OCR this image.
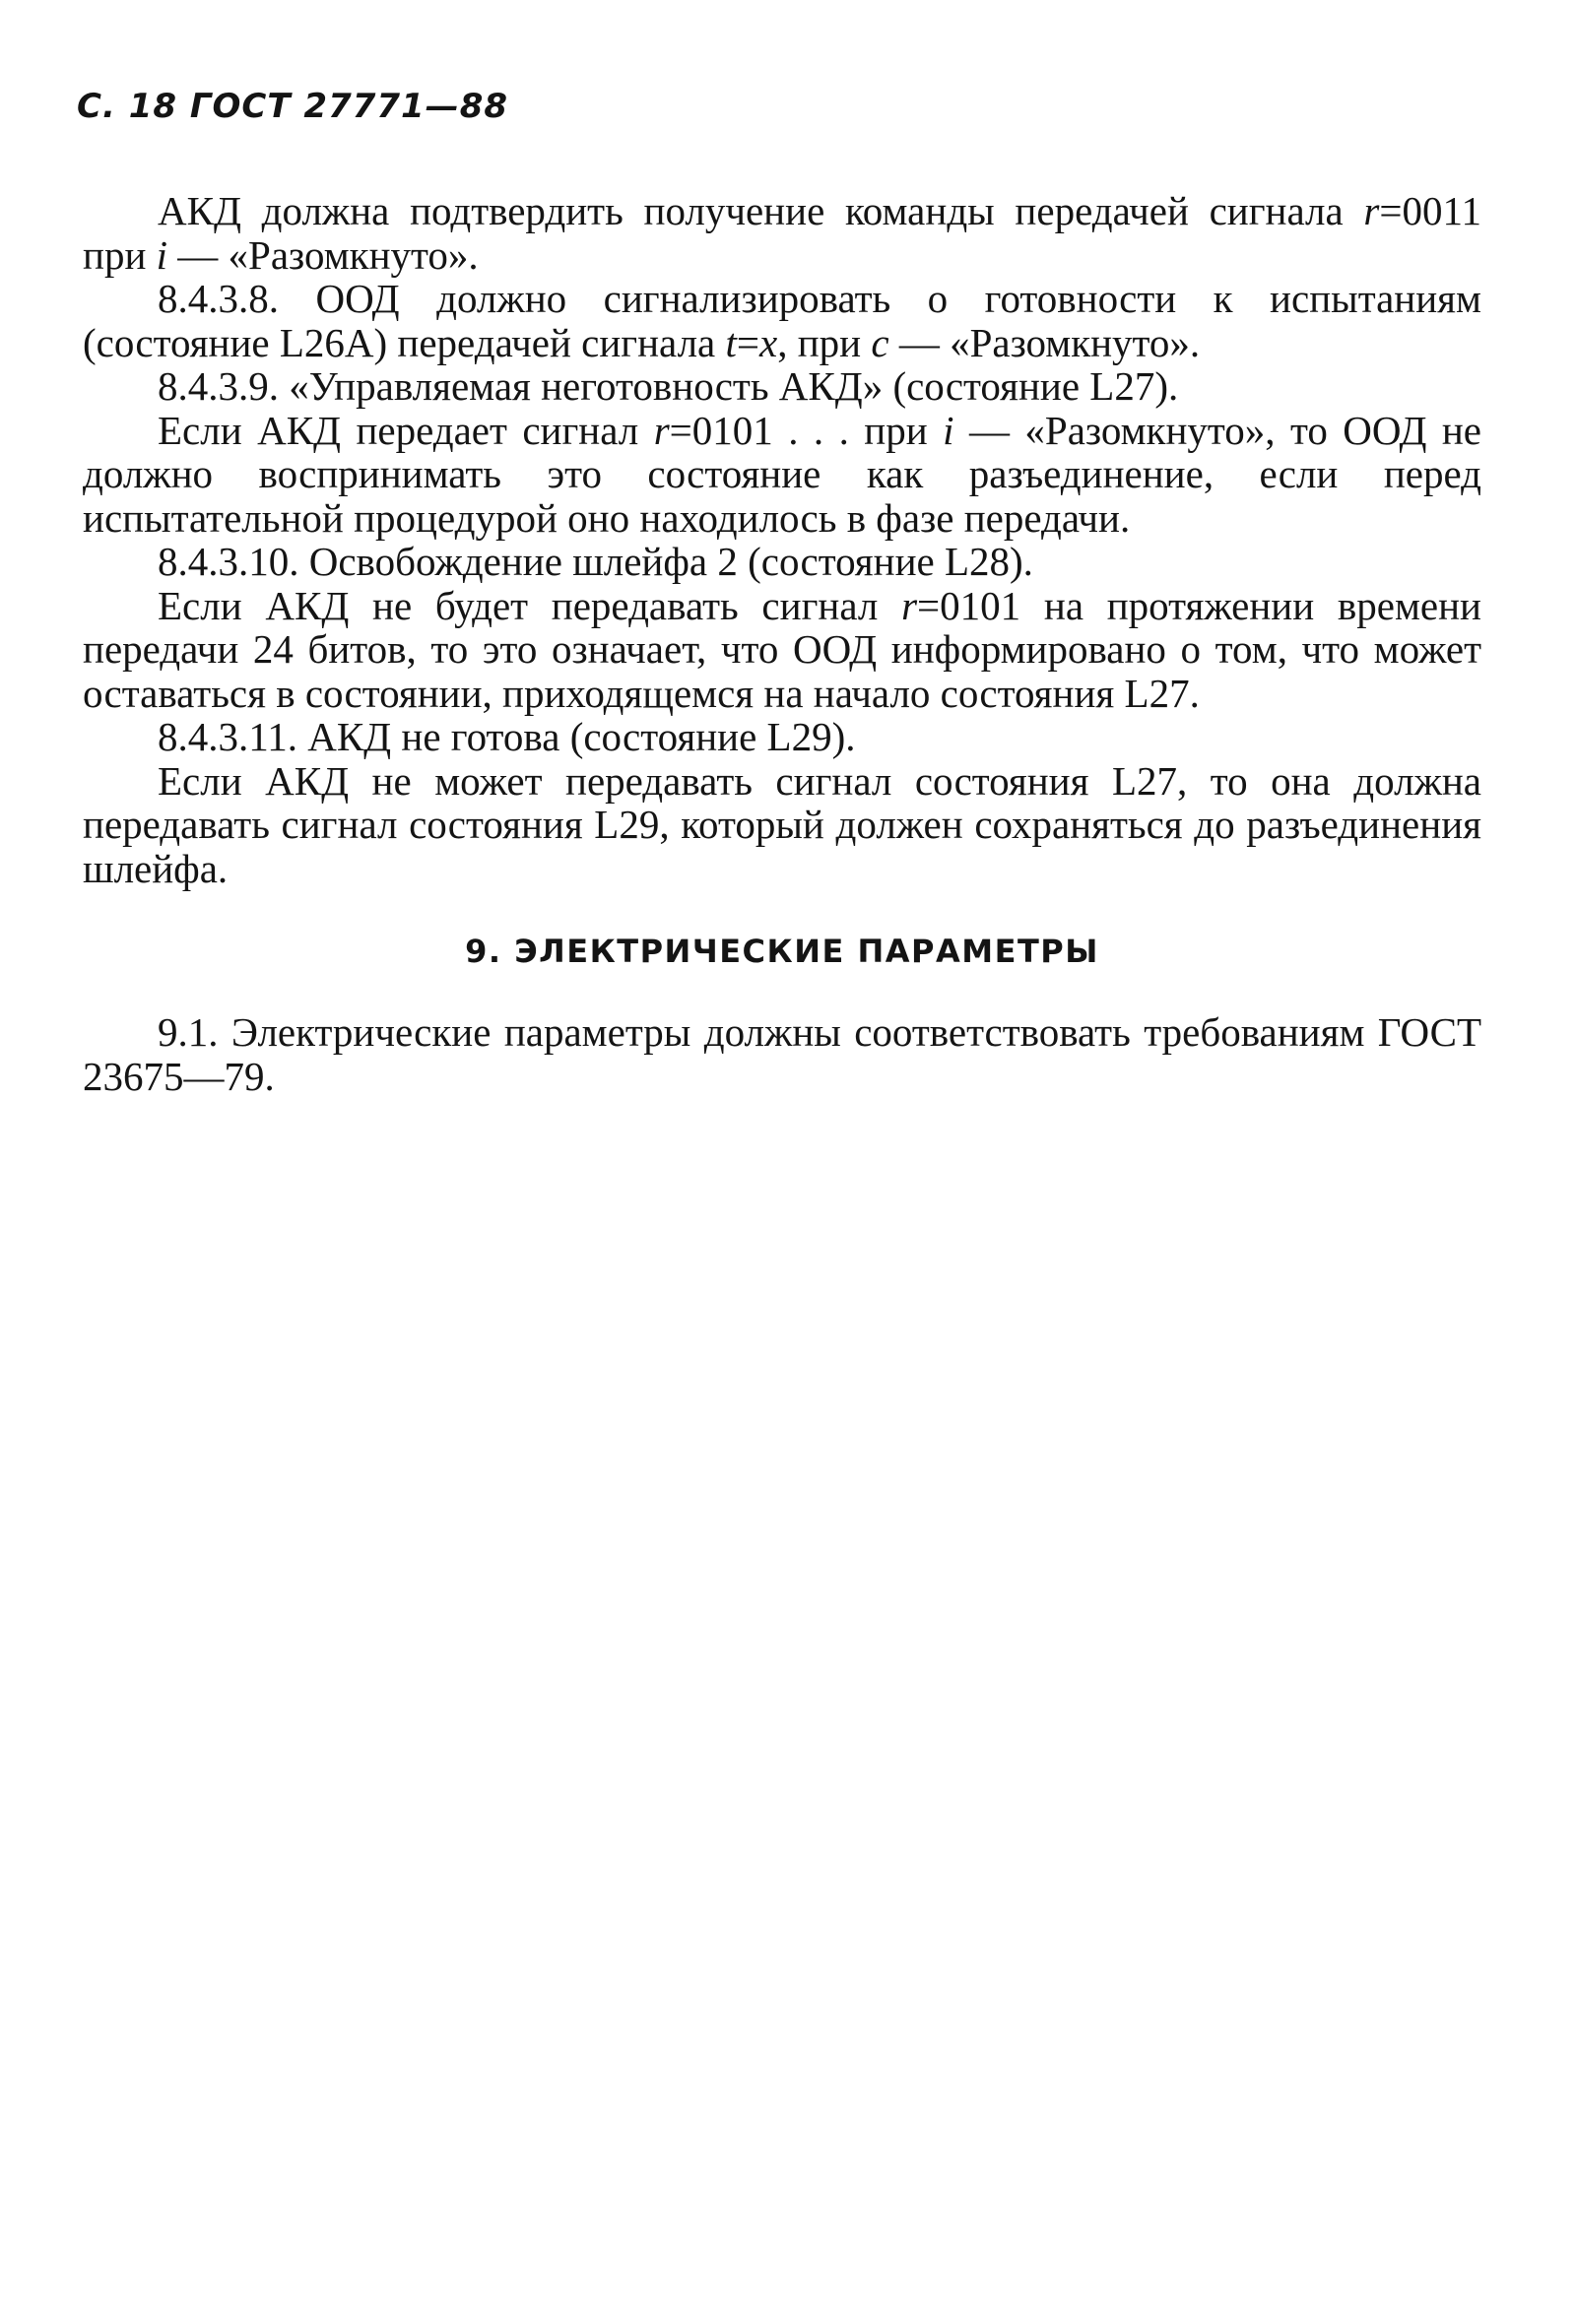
С. 18 ГОСТ 27771—88

АКД должна подтвердить получение команды передачей сигнала r=0011 при i — «Разомкнуто».

8.4.3.8. ООД должно сигнализировать о готовности к испытаниям (состояние L26A) передачей сигнала t=x, при c — «Разомкнуто».

8.4.3.9. «Управляемая неготовность АКД» (состояние L27).

Если АКД передает сигнал r=0101 . . . при i — «Разомкнуто», то ООД не должно воспринимать это состояние как разъединение, если перед испытательной процедурой оно находилось в фазе передачи.

8.4.3.10. Освобождение шлейфа 2 (состояние L28).

Если АКД не будет передавать сигнал r=0101 на протяжении времени передачи 24 битов, то это означает, что ООД информировано о том, что может оставаться в состоянии, приходящемся на начало состояния L27.

8.4.3.11. АКД не готова (состояние L29).

Если АКД не может передавать сигнал состояния L27, то она должна передавать сигнал состояния L29, который должен сохраняться до разъединения шлейфа.

9. ЭЛЕКТРИЧЕСКИЕ ПАРАМЕТРЫ

9.1. Электрические параметры должны соответствовать требованиям ГОСТ 23675—79.
